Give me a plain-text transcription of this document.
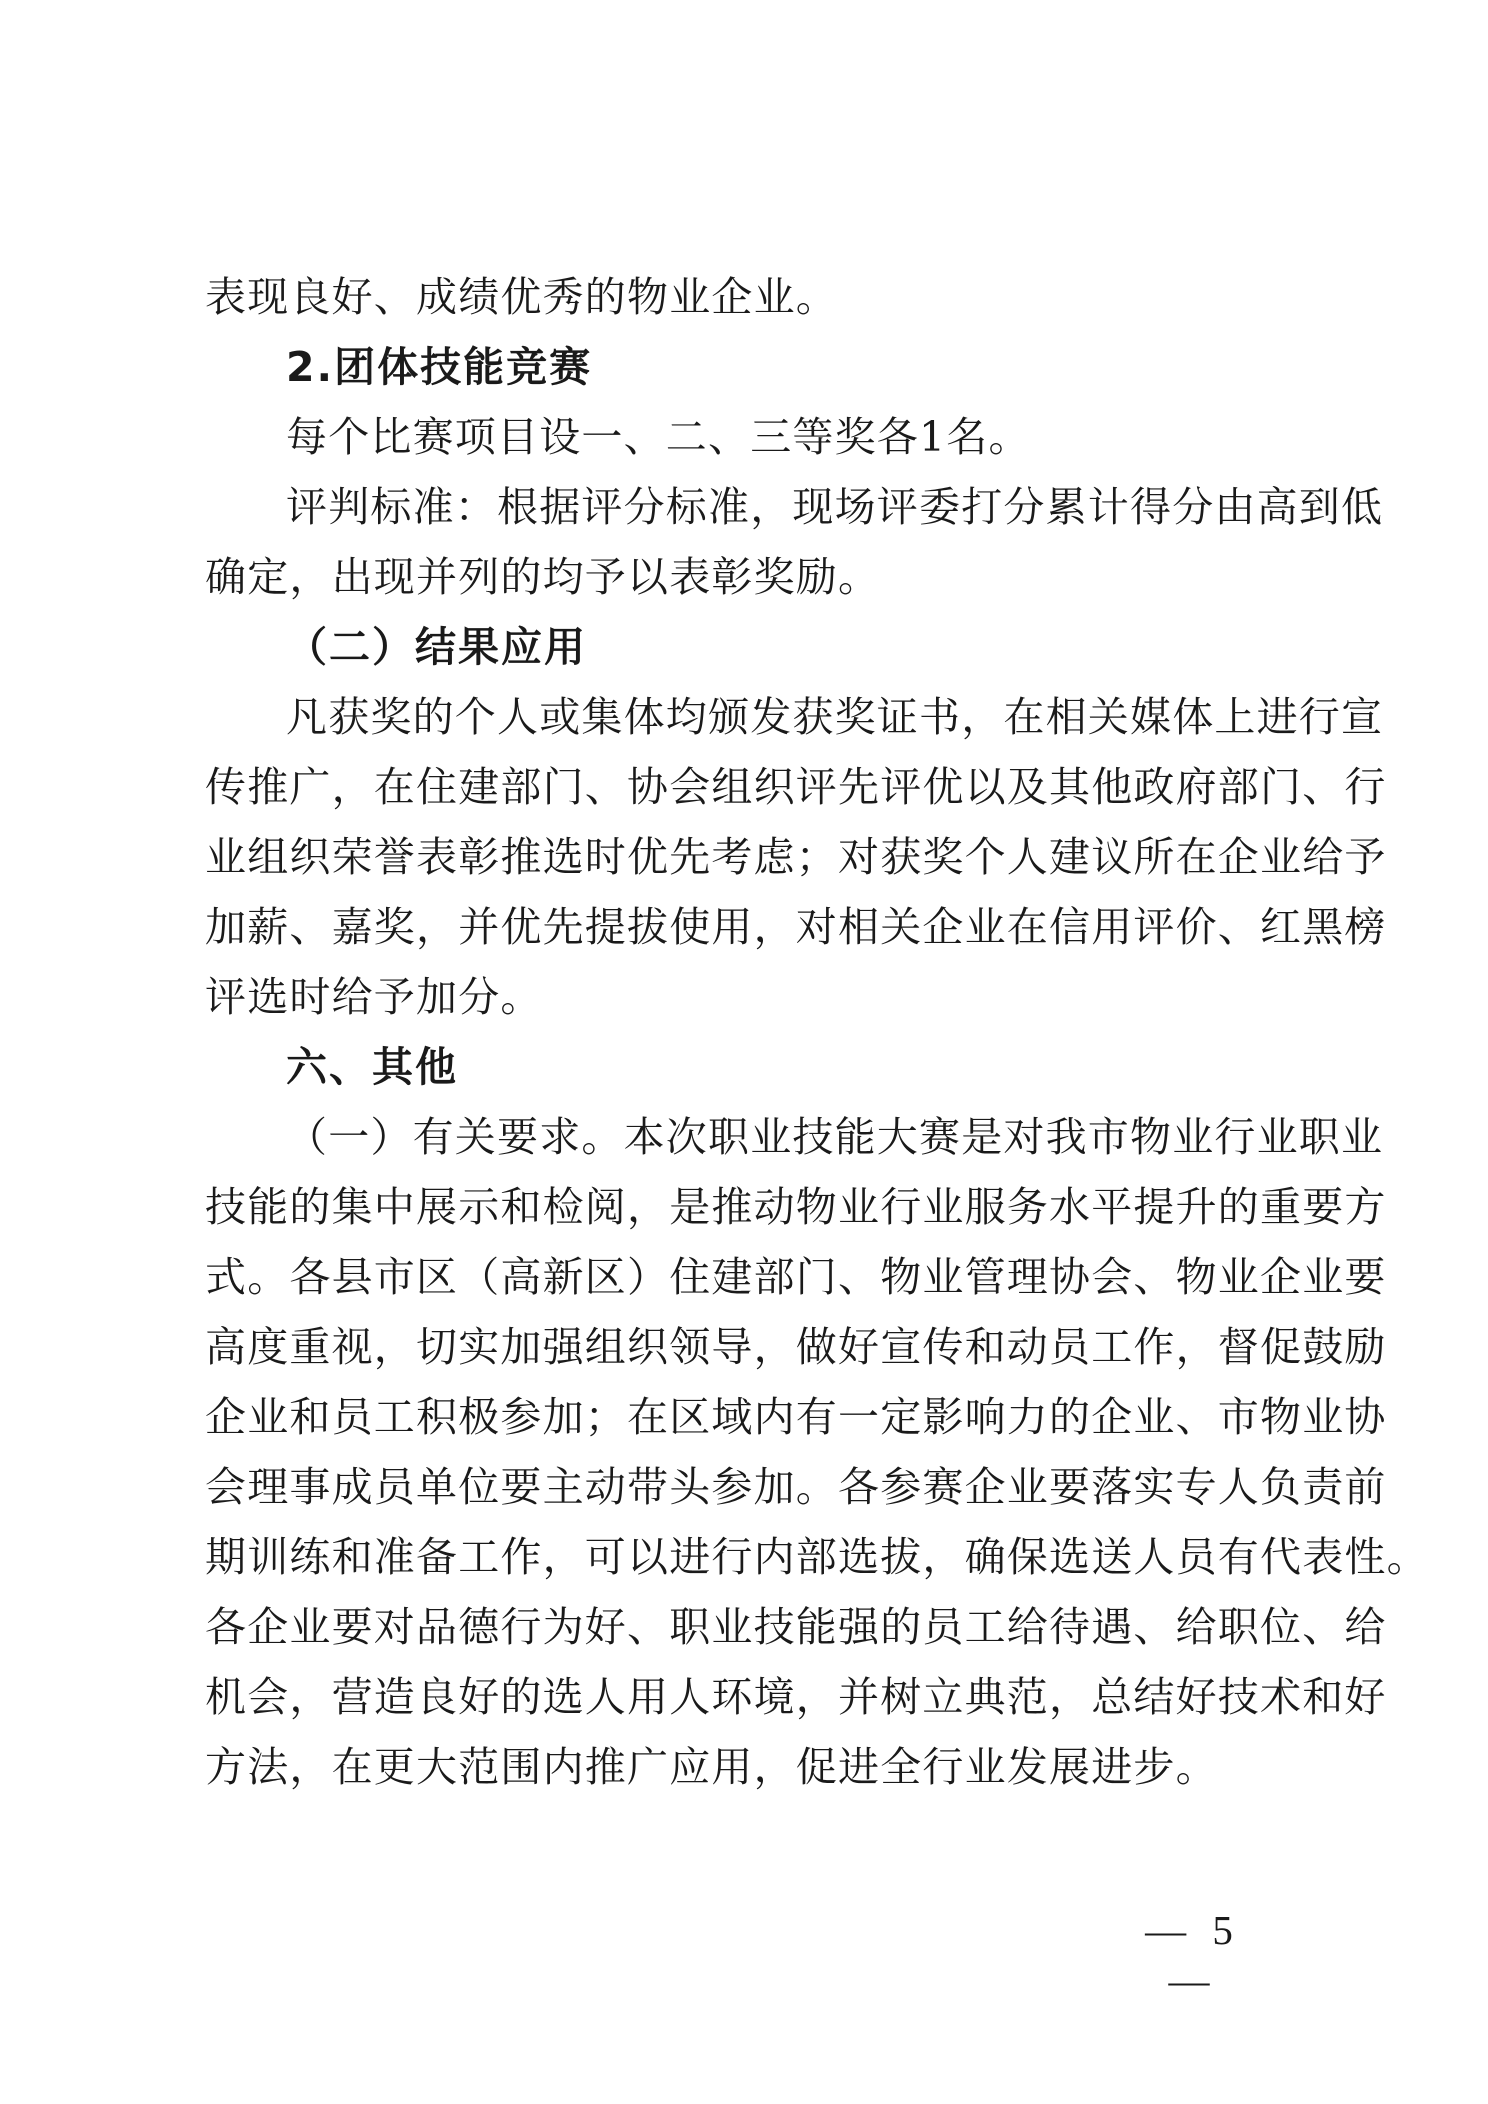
表现良好、成绩优秀的物业企业。
2.团体技能竞赛
每个比赛项目设一、二、三等奖各1名。
评判标准：根据评分标准，现场评委打分累计得分由高到低
确定，出现并列的均予以表彰奖励。
（二）结果应用
凡获奖的个人或集体均颁发获奖证书，在相关媒体上进行宣
传推广，在住建部门、协会组织评先评优以及其他政府部门、行
业组织荣誉表彰推选时优先考虑；对获奖个人建议所在企业给予
加薪、嘉奖，并优先提拔使用，对相关企业在信用评价、红黑榜
评选时给予加分。
六、其他
（一）有关要求。本次职业技能大赛是对我市物业行业职业
技能的集中展示和检阅，是推动物业行业服务水平提升的重要方
式。各县市区（高新区）住建部门、物业管理协会、物业企业要
高度重视，切实加强组织领导，做好宣传和动员工作，督促鼓励
企业和员工积极参加；在区域内有一定影响力的企业、市物业协
会理事成员单位要主动带头参加。各参赛企业要落实专人负责前
期训练和准备工作，可以进行内部选拔，确保选送人员有代表性。
各企业要对品德行为好、职业技能强的员工给待遇、给职位、给
机会，营造良好的选人用人环境，并树立典范，总结好技术和好
方法，在更大范围内推广应用，促进全行业发展进步。
— 5 —
